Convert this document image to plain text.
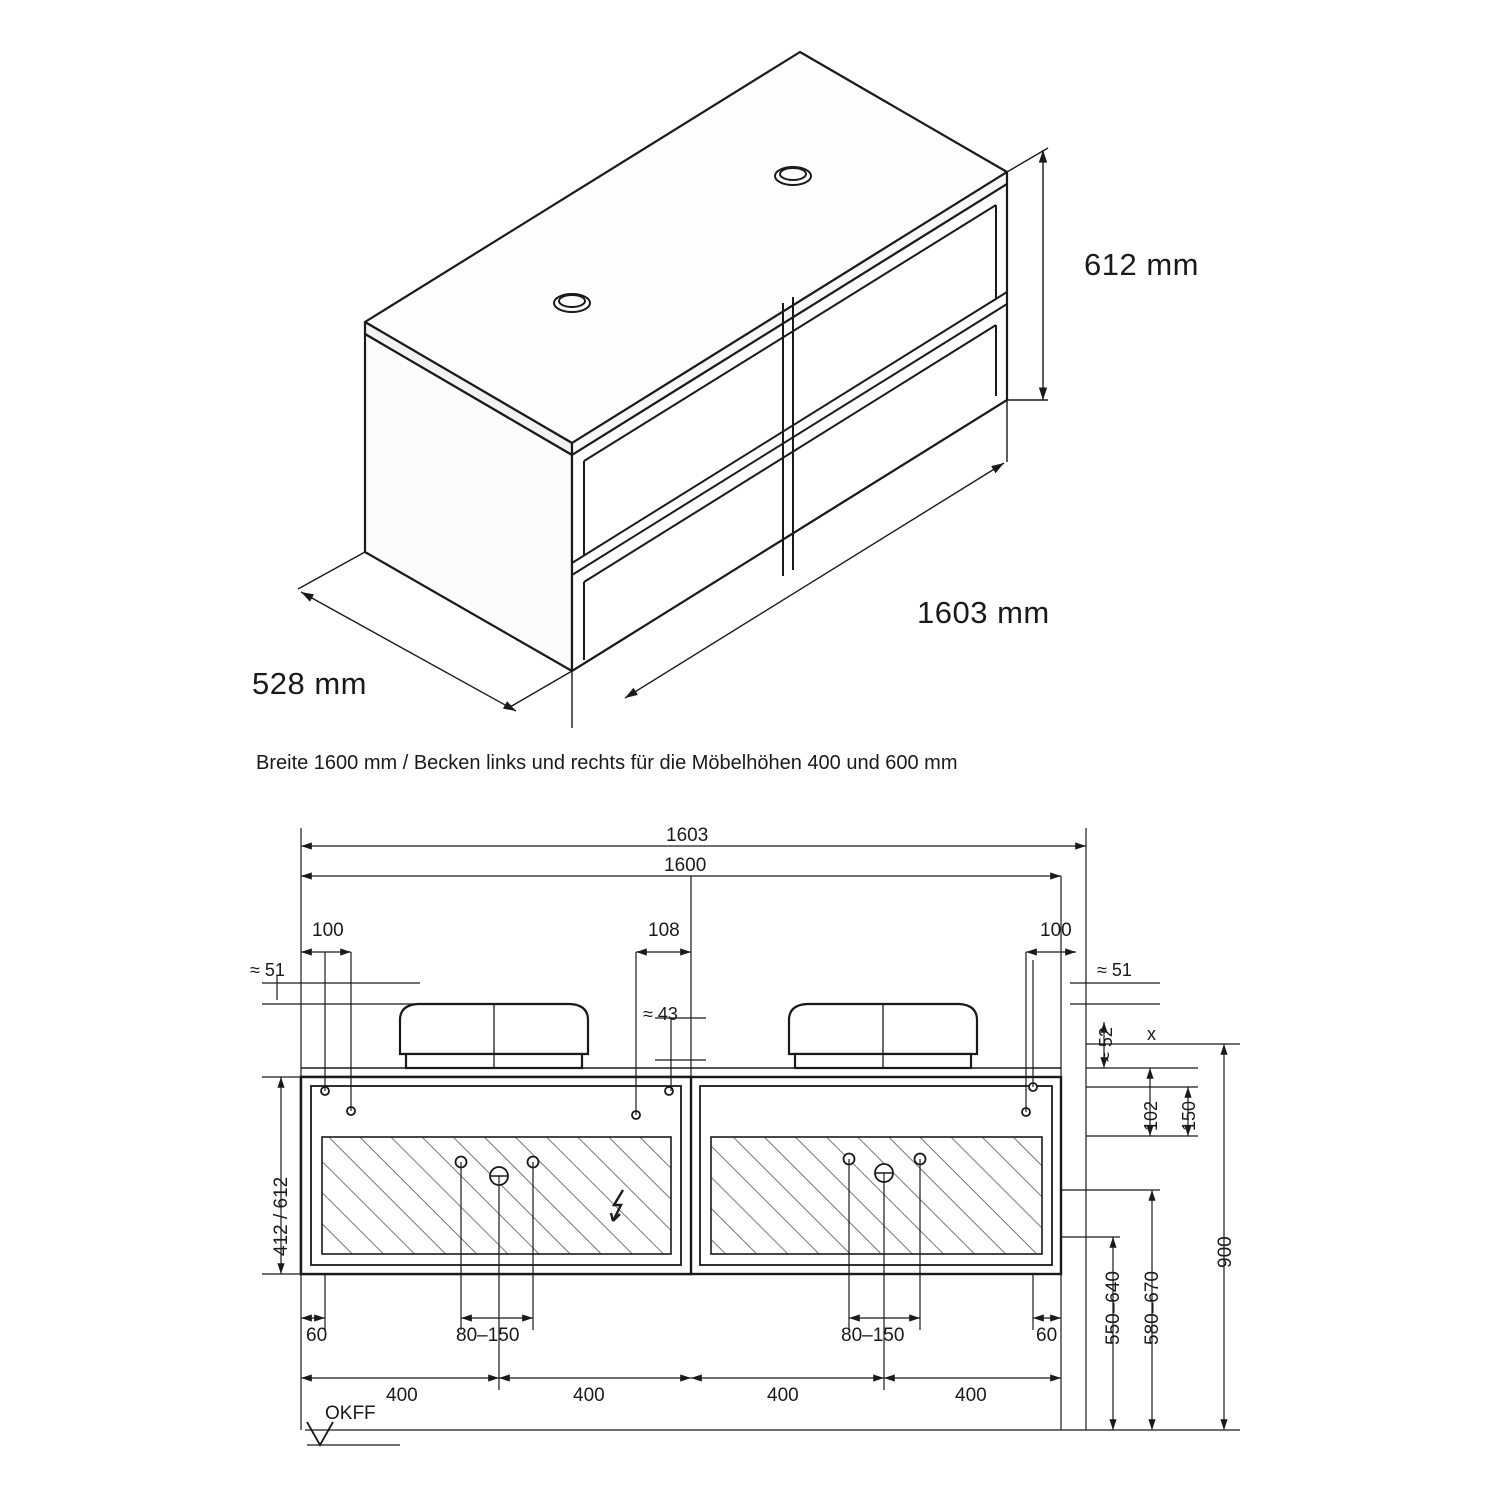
612 mm
1603 mm
528 mm
Breite 1600 mm / Becken links und rechts für die Möbelhöhen 400 und 600 mm
1603
1600
100	108	100
≈ 51	≈ 51
≈ 43
≈ 52 x
102 150
412 / 612
60	60
80–150	80–150
400	400	400	400
550–640 580–670
900
OKFF
